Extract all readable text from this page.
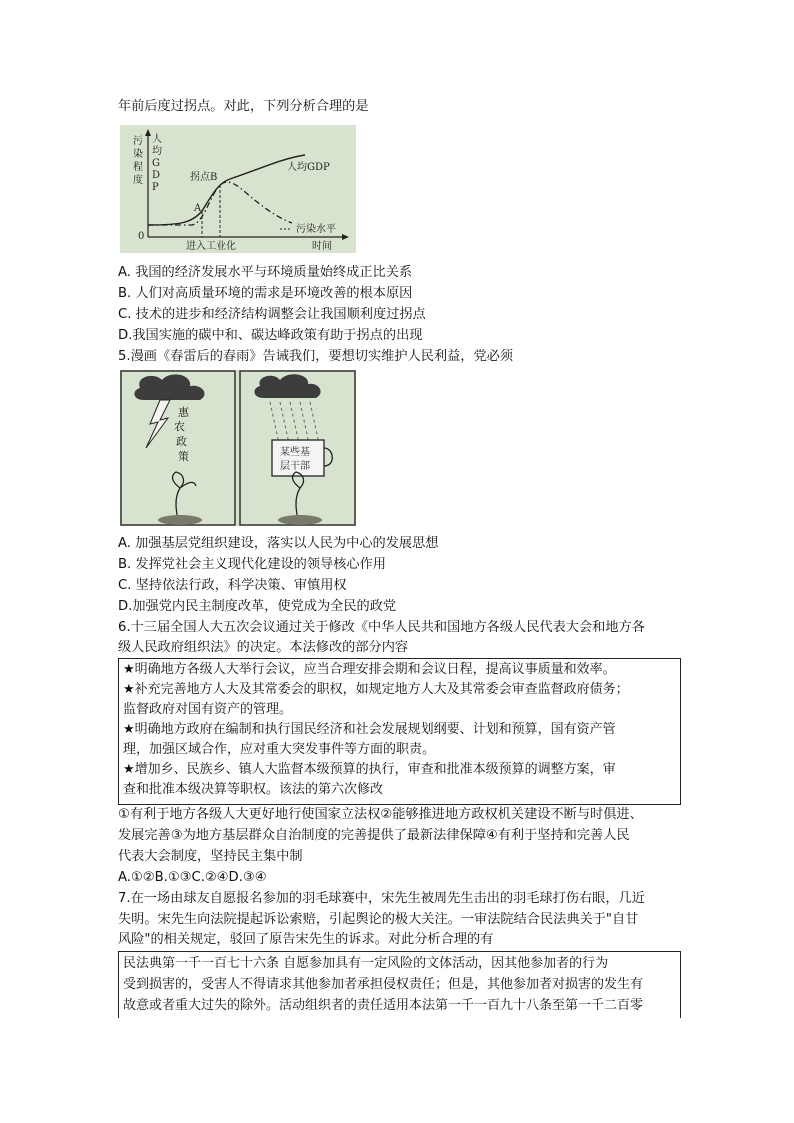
年前后度过拐点。对此，下列分析合理的是
污
染
程
度
人
均
G
D
P
0
A
拐点B
人均GDP
污染水平
进入工业化	时间
A. 我国的经济发展水平与环境质量始终成正比关系
B. 人们对高质量环境的需求是环境改善的根本原因
C. 技术的进步和经济结构调整会让我国顺利度过拐点
D.我国实施的碳中和、碳达峰政策有助于拐点的出现
5.漫画《春雷后的春雨》告诫我们，要想切实维护人民利益，党必须
惠
农
政
策	某些基
层干部
A. 加强基层党组织建设，落实以人民为中心的发展思想
B. 发挥党社会主义现代化建设的领导核心作用
C. 坚持依法行政，科学决策、审慎用权
D.加强党内民主制度改革，使党成为全民的政党
6.十三届全国人大五次会议通过关于修改《中华人民共和国地方各级人民代表大会和地方各
级人民政府组织法》的决定。本法修改的部分内容
★明确地方各级人大举行会议，应当合理安排会期和会议日程，提高议事质量和效率。
★补充完善地方人大及其常委会的职权，如规定地方人大及其常委会审查监督政府债务；
监督政府对国有资产的管理。
★明确地方政府在编制和执行国民经济和社会发展规划纲要、计划和预算，国有资产管
理，加强区域合作，应对重大突发事件等方面的职责。
★增加乡、民族乡、镇人大监督本级预算的执行，审查和批准本级预算的调整方案，审
查和批准本级决算等职权。该法的第六次修改
①有利于地方各级人大更好地行使国家立法权②能够推进地方政权机关建设不断与时俱进、
发展完善③为地方基层群众自治制度的完善提供了最新法律保障④有利于坚持和完善人民
代表大会制度，坚持民主集中制
A.①②B.①③C.②④D.③④
7.在一场由球友自愿报名参加的羽毛球赛中，宋先生被周先生击出的羽毛球打伤右眼，几近
失明。宋先生向法院提起诉讼索赔，引起舆论的极大关注。一审法院结合民法典关于"自甘
风险"的相关规定，驳回了原告宋先生的诉求。对此分析合理的有
民法典第一千一百七十六条 自愿参加具有一定风险的文体活动，因其他参加者的行为
受到损害的，受害人不得请求其他参加者承担侵权责任；但是，其他参加者对损害的发生有
故意或者重大过失的除外。活动组织者的责任适用本法第一千一百九十八条至第一千二百零
